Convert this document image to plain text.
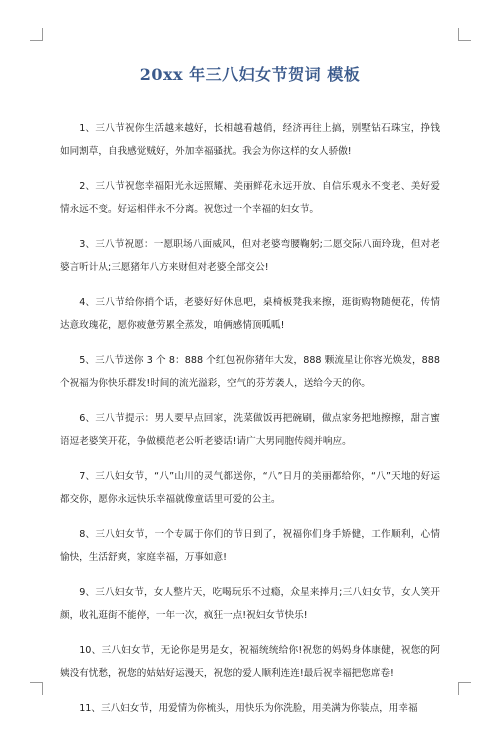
20xx 年三八妇女节贺词 模板

1、三八节祝你生活越来越好，长相越看越俏，经济再往上搞，别墅钻石珠宝，挣钱如同割草，自我感觉贼好，外加幸福骚扰。我会为你这样的女人骄傲!

2、三八节祝您幸福阳光永远照耀、美丽鲜花永远开放、自信乐观永不变老、美好爱情永远不变。好运相伴永不分离。祝您过一个幸福的妇女节。

3、三八节祝愿：一愿职场八面威风，但对老婆弯腰鞠躬;二愿交际八面玲珑，但对老婆言听计从;三愿猪年八方来财但对老婆全部交公!

4、三八节给你捎个话，老婆好好休息吧，桌椅板凳我来擦，逛街购物随便花，传情达意玫瑰花，愿你疲惫劳累全蒸发，咱俩感情顶呱呱!

5、三八节送你 3 个 8：888 个红包祝你猪年大发，888 颗流星让你容光焕发，888 个祝福为你快乐群发!时间的流光溢彩，空气的芬芳袭人，送给今天的你。

6、三八节提示：男人要早点回家，洗菜做饭再把碗刷，做点家务把地擦擦，甜言蜜语逗老婆笑开花，争做模范老公听老婆话!请广大男同胞传阅并响应。

7、三八妇女节，“八”山川的灵气都送你，“八”日月的美丽都给你，“八”天地的好运都交你，愿你永远快乐幸福就像童话里可爱的公主。

8、三八妇女节，一个专属于你们的节日到了，祝福你们身手矫健，工作顺利，心情愉快，生活舒爽，家庭幸福，万事如意!

9、三八妇女节，女人整片天，吃喝玩乐不过瘾，众星来捧月;三八妇女节，女人笑开颜，收礼逛街不能停，一年一次，疯狂一点!祝妇女节快乐!

10、三八妇女节，无论你是男是女，祝福统统给你!祝您的妈妈身体康健，祝您的阿姨没有忧愁，祝您的姑姑好运漫天，祝您的爱人顺利连连!最后祝幸福把您席卷!

11、三八妇女节，用爱情为你梳头，用快乐为你洗脸，用美满为你装点，用幸福
